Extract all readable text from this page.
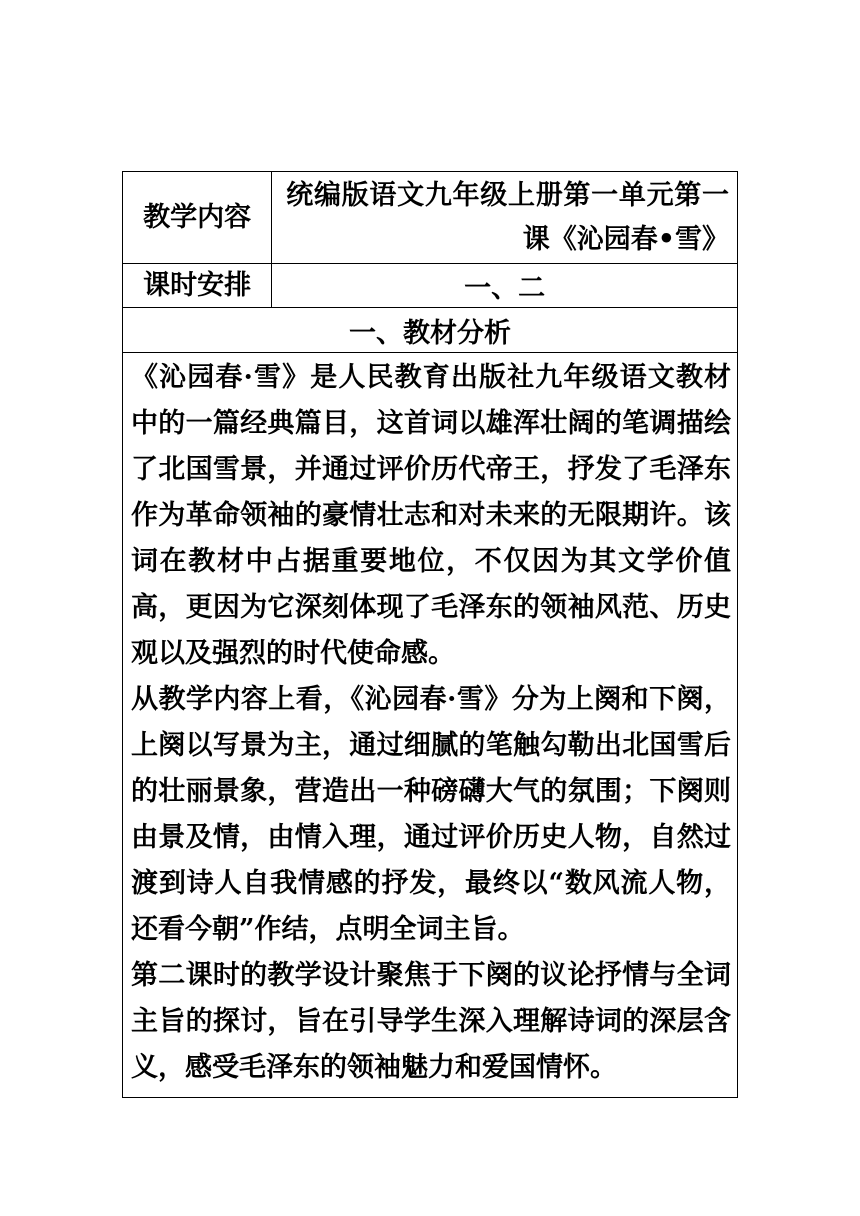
教学内容	统编版语文九年级上册第一单元第一课《沁园春•雪》
课时安排	一、二
一、教材分析	

《沁园春·雪》是人民教育出版社九年级语文教材中的一篇经典篇目，这首词以雄浑壮阔的笔调描绘了北国雪景，并通过评价历代帝王，抒发了毛泽东作为革命领袖的豪情壮志和对未来的无限期许。该词在教材中占据重要地位，不仅因为其文学价值高，更因为它深刻体现了毛泽东的领袖风范、历史观以及强烈的时代使命感。

从教学内容上看，《沁园春·雪》分为上阕和下阕，上阕以写景为主，通过细腻的笔触勾勒出北国雪后的壮丽景象，营造出一种磅礴大气的氛围；下阕则由景及情，由情入理，通过评价历史人物，自然过渡到诗人自我情感的抒发，最终以“数风流人物，还看今朝”作结，点明全词主旨。

第二课时的教学设计聚焦于下阕的议论抒情与全词主旨的探讨，旨在引导学生深入理解诗词的深层含义，感受毛泽东的领袖魅力和爱国情怀。	
